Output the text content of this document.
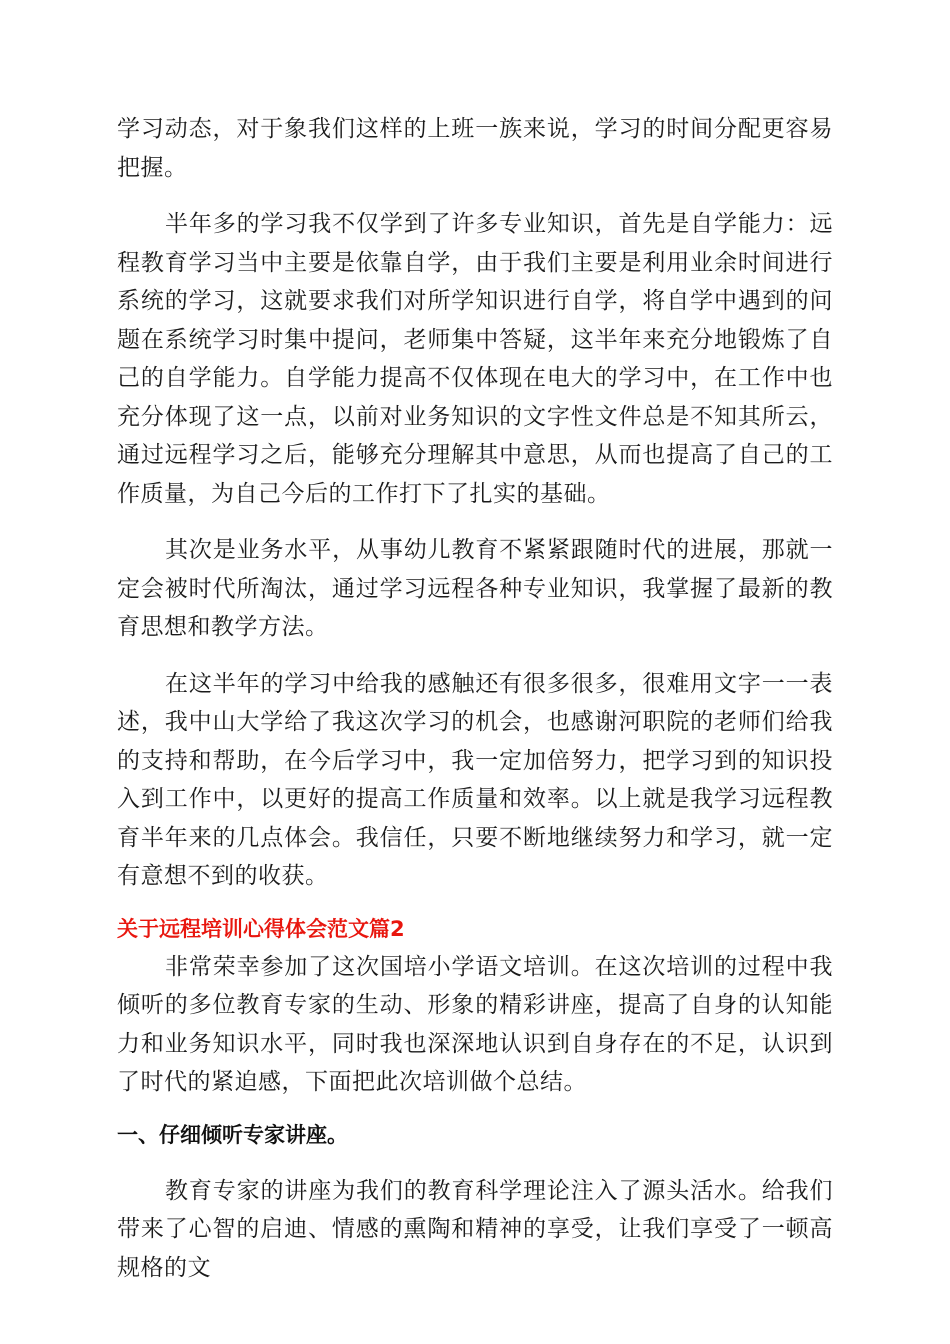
学习动态，对于象我们这样的上班一族来说，学习的时间分配更容易把握。

半年多的学习我不仅学到了许多专业知识，首先是自学能力：远程教育学习当中主要是依靠自学，由于我们主要是利用业余时间进行系统的学习，这就要求我们对所学知识进行自学，将自学中遇到的问题在系统学习时集中提问，老师集中答疑，这半年来充分地锻炼了自己的自学能力。自学能力提高不仅体现在电大的学习中，在工作中也充分体现了这一点，以前对业务知识的文字性文件总是不知其所云，通过远程学习之后，能够充分理解其中意思，从而也提高了自己的工作质量，为自己今后的工作打下了扎实的基础。

其次是业务水平，从事幼儿教育不紧紧跟随时代的进展，那就一定会被时代所淘汰，通过学习远程各种专业知识，我掌握了最新的教育思想和教学方法。

在这半年的学习中给我的感触还有很多很多，很难用文字一一表述，我中山大学给了我这次学习的机会，也感谢河职院的老师们给我的支持和帮助，在今后学习中，我一定加倍努力，把学习到的知识投入到工作中，以更好的提高工作质量和效率。以上就是我学习远程教育半年来的几点体会。我信任，只要不断地继续努力和学习，就一定有意想不到的收获。

关于远程培训心得体会范文篇2

非常荣幸参加了这次国培小学语文培训。在这次培训的过程中我倾听的多位教育专家的生动、形象的精彩讲座，提高了自身的认知能力和业务知识水平，同时我也深深地认识到自身存在的不足，认识到了时代的紧迫感，下面把此次培训做个总结。

一、仔细倾听专家讲座。

教育专家的讲座为我们的教育科学理论注入了源头活水。给我们带来了心智的启迪、情感的熏陶和精神的享受，让我们享受了一顿高规格的文
